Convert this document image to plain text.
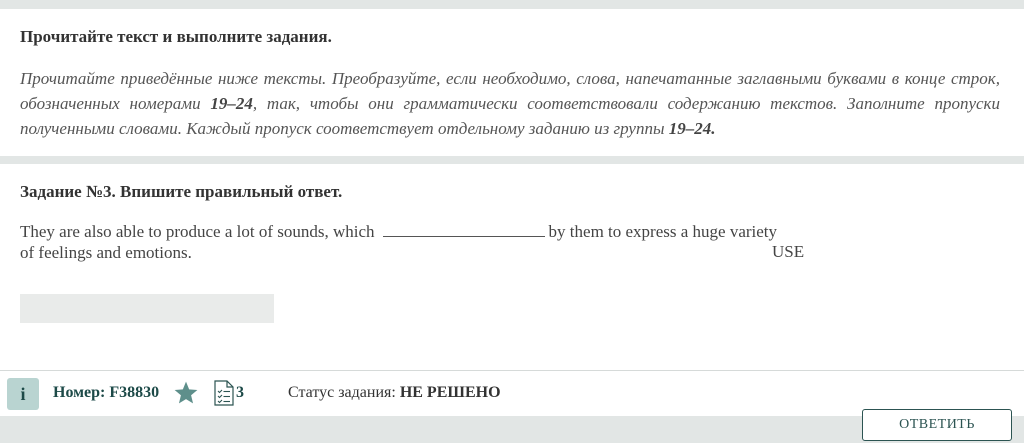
Прочитайте текст и выполните задания.
Прочитайте приведённые ниже тексты. Преобразуйте, если необходимо, слова, напечатанные заглавными буквами в конце строк, обозначенных номерами 19–24, так, чтобы они грамматически соответствовали содержанию текстов. Заполните пропуски полученными словами. Каждый пропуск соответствует отдельному заданию из группы 19–24.
Задание №3. Впишите правильный ответ.
They are also able to produce a lot of sounds, which	by them to express a huge variety of feelings and emotions.	USE
i	Номер: F38830	3	Статус задания: НЕ РЕШЕНО
ОТВЕТИТЬ
